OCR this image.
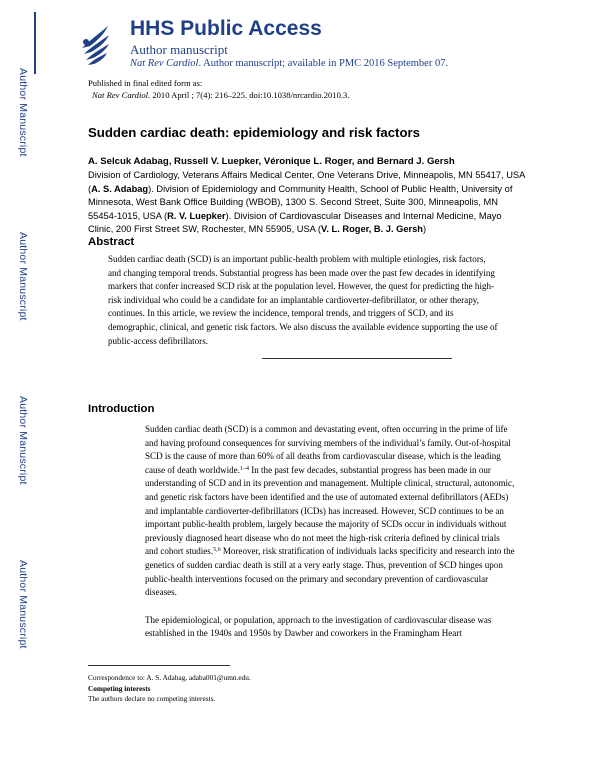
Author Manuscript
Author Manuscript
Author Manuscript
Author Manuscript
HHS Public Access
Author manuscript
Nat Rev Cardiol. Author manuscript; available in PMC 2016 September 07.
Published in final edited form as:
Nat Rev Cardiol. 2010 April ; 7(4): 216–225. doi:10.1038/nrcardio.2010.3.
Sudden cardiac death: epidemiology and risk factors
A. Selcuk Adabag, Russell V. Luepker, Véronique L. Roger, and Bernard J. Gersh
Division of Cardiology, Veterans Affairs Medical Center, One Veterans Drive, Minneapolis, MN 55417, USA (A. S. Adabag). Division of Epidemiology and Community Health, School of Public Health, University of Minnesota, West Bank Office Building (WBOB), 1300 S. Second Street, Suite 300, Minneapolis, MN 55454-1015, USA (R. V. Luepker). Division of Cardiovascular Diseases and Internal Medicine, Mayo Clinic, 200 First Street SW, Rochester, MN 55905, USA (V. L. Roger, B. J. Gersh)
Abstract
Sudden cardiac death (SCD) is an important public-health problem with multiple etiologies, risk factors, and changing temporal trends. Substantial progress has been made over the past few decades in identifying markers that confer increased SCD risk at the population level. However, the quest for predicting the high-risk individual who could be a candidate for an implantable cardioverter-defibrillator, or other therapy, continues. In this article, we review the incidence, temporal trends, and triggers of SCD, and its demographic, clinical, and genetic risk factors. We also discuss the available evidence supporting the use of public-access defibrillators.
Introduction

Sudden cardiac death (SCD) is a common and devastating event, often occurring in the prime of life and having profound consequences for surviving members of the individual’s family. Out-of-hospital SCD is the cause of more than 60% of all deaths from cardiovascular disease, which is the leading cause of death worldwide.$^{1-4}$ In the past few decades, substantial progress has been made in our understanding of SCD and in its prevention and management. Multiple clinical, structural, autonomic, and genetic risk factors have been identified and the use of automated external defibrillators (AEDs) and implantable cardioverter-defibrillators (ICDs) has increased. However, SCD continues to be an important public-health problem, largely because the majority of SCDs occur in individuals without previously diagnosed heart disease who do not meet the high-risk criteria defined by clinical trials and cohort studies.$^{5,6}$ Moreover, risk stratification of individuals lacks specificity and research into the genetics of sudden cardiac death is still at a very early stage. Thus, prevention of SCD hinges upon public-health interventions focused on the primary and secondary prevention of cardiovascular diseases.

The epidemiological, or population, approach to the investigation of cardiovascular disease was established in the 1940s and 1950s by Dawber and coworkers in the Framingham Heart

Correspondence to: A. S. Adabag, adaba001@umn.edu.
Competing interests
The authors declare no competing interests.
